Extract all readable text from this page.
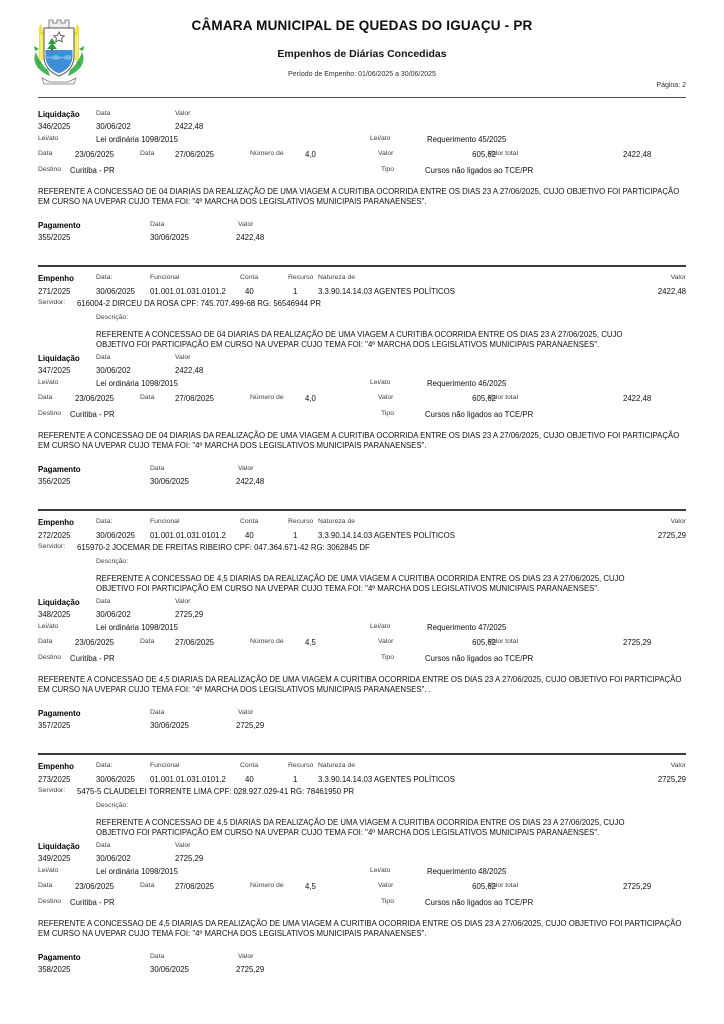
CÂMARA MUNICIPAL DE QUEDAS DO IGUAÇU - PR
Empenhos de Diárias Concedidas
Período de Empenho: 01/06/2025 a 30/06/2025
Página: 2
Liquidação Data	Valor
346/2025	30/06/202	2422,48
Lei/ato	Lei ordinária 1098/2015	Lei/ato	Requerimento 45/2025
Data	23/06/2025	Data	27/06/2025	Número de	4,0	Valor	605,62
Valor total	2422,48
Destino Curitiba - PR	Tipo	Cursos não ligados ao TCE/PR
REFERENTE A CONCESSAO DE 04 DIARIAS DA REALIZAÇÃO DE UMA VIAGEM A CURITIBA OCORRIDA ENTRE OS DIAS 23 A 27/06/2025, CUJO OBJETIVO FOI PARTICIPAÇÃO EM CURSO NA UVEPAR CUJO TEMA FOI: "4º MARCHA DOS LEGISLATIVOS MUNICIPAIS PARANAENSES".
Pagamento	Data	Valor
355/2025	30/06/2025	2422,48
Empenho	Data:	Funcional	Conta	Recurso Natureza de	Valor
271/2025	30/06/2025 01.001.01.031.0101.2 40	1	3.3.90.14.14.03 AGENTES POLÍTICOS	2422,48
Servidor: 616004-2 DIRCEU DA ROSA CPF: 745.707.499-68 RG: 56546944 PR
Descrição:
REFERENTE A CONCESSAO DE 04 DIARIAS DA REALIZAÇÃO DE UMA VIAGEM A CURITIBA OCORRIDA ENTRE OS DIAS 23 A 27/06/2025, CUJO OBJETIVO FOI PARTICIPAÇÃO EM CURSO NA UVEPAR CUJO TEMA FOI: "4º MARCHA DOS LEGISLATIVOS MUNICIPAIS PARANAENSES".
Liquidação Data	Valor
347/2025	30/06/202	2422,48
Lei/ato	Lei ordinária 1098/2015	Lei/ato	Requerimento 46/2025
Data	23/06/2025	Data	27/06/2025	Número de	4,0	Valor	605,62
Valor total	2422,48
Destino Curitiba - PR	Tipo	Cursos não ligados ao TCE/PR
REFERENTE A CONCESSAO DE 04 DIARIAS DA REALIZAÇÃO DE UMA VIAGEM A CURITIBA OCORRIDA ENTRE OS DIAS 23 A 27/06/2025, CUJO OBJETIVO FOI PARTICIPAÇÃO EM CURSO NA UVEPAR CUJO TEMA FOI: "4º MARCHA DOS LEGISLATIVOS MUNICIPAIS PARANAENSES".
Pagamento	Data	Valor
356/2025	30/06/2025	2422,48
Empenho	Data:	Funcional	Conta	Recurso Natureza de	Valor
272/2025	30/06/2025 01.001.01.031.0101.2 40	1	3.3.90.14.14.03 AGENTES POLÍTICOS	2725,29
Servidor: 615970-2 JOCEMAR DE FREITAS RIBEIRO CPF: 047.364.671-42 RG: 3062845 DF
Descrição:
REFERENTE A CONCESSAO DE 4,5 DIARIAS DA REALIZAÇÃO DE UMA VIAGEM A CURITIBA OCORRIDA ENTRE OS DIAS 23 A 27/06/2025, CUJO OBJETIVO FOI PARTICIPAÇÃO EM CURSO NA UVEPAR CUJO TEMA FOI: "4º MARCHA DOS LEGISLATIVOS MUNICIPAIS PARANAENSES".
Liquidação Data	Valor
348/2025	30/06/202	2725,29
Lei/ato	Lei ordinária 1098/2015	Lei/ato	Requerimento 47/2025
Data	23/06/2025	Data	27/06/2025	Número de	4,5	Valor	605,62
Valor total	2725,29
Destino Curitiba - PR	Tipo	Cursos não ligados ao TCE/PR
REFERENTE A CONCESSAO DE 4,5 DIARIAS DA REALIZAÇÃO DE UMA VIAGEM A CURITIBA OCORRIDA ENTRE OS DIAS 23 A 27/06/2025, CUJO OBJETIVO FOI PARTICIPAÇÃO EM CURSO NA UVEPAR CUJO TEMA FOI: "4º MARCHA DOS LEGISLATIVOS MUNICIPAIS PARANAENSES". .
Pagamento	Data	Valor
357/2025	30/06/2025	2725,29
Empenho	Data:	Funcional	Conta	Recurso Natureza de	Valor
273/2025	30/06/2025 01.001.01.031.0101.2 40	1	3.3.90.14.14.03 AGENTES POLÍTICOS	2725,29
Servidor: 5475-5 CLAUDELEI TORRENTE LIMA CPF: 028.927.029-41 RG: 78461950 PR
Descrição:
REFERENTE A CONCESSAO DE 4,5 DIARIAS DA REALIZAÇÃO DE UMA VIAGEM A CURITIBA OCORRIDA ENTRE OS DIAS 23 A 27/06/2025, CUJO OBJETIVO FOI PARTICIPAÇÃO EM CURSO NA UVEPAR CUJO TEMA FOI: "4º MARCHA DOS LEGISLATIVOS MUNICIPAIS PARANAENSES".
Liquidação Data	Valor
349/2025	30/06/202	2725,29
Lei/ato	Lei ordinária 1098/2015	Lei/ato	Requerimento 48/2025
Data	23/06/2025	Data	27/06/2025	Número de	4,5	Valor	605,62
Valor total	2725,29
Destino Curitiba - PR	Tipo	Cursos não ligados ao TCE/PR
REFERENTE A CONCESSAO DE 4,5 DIARIAS DA REALIZAÇÃO DE UMA VIAGEM A CURITIBA OCORRIDA ENTRE OS DIAS 23 A 27/06/2025, CUJO OBJETIVO FOI PARTICIPAÇÃO EM CURSO NA UVEPAR CUJO TEMA FOI: "4º MARCHA DOS LEGISLATIVOS MUNICIPAIS PARANAENSES".
Pagamento	Data	Valor
358/2025	30/06/2025	2725,29
